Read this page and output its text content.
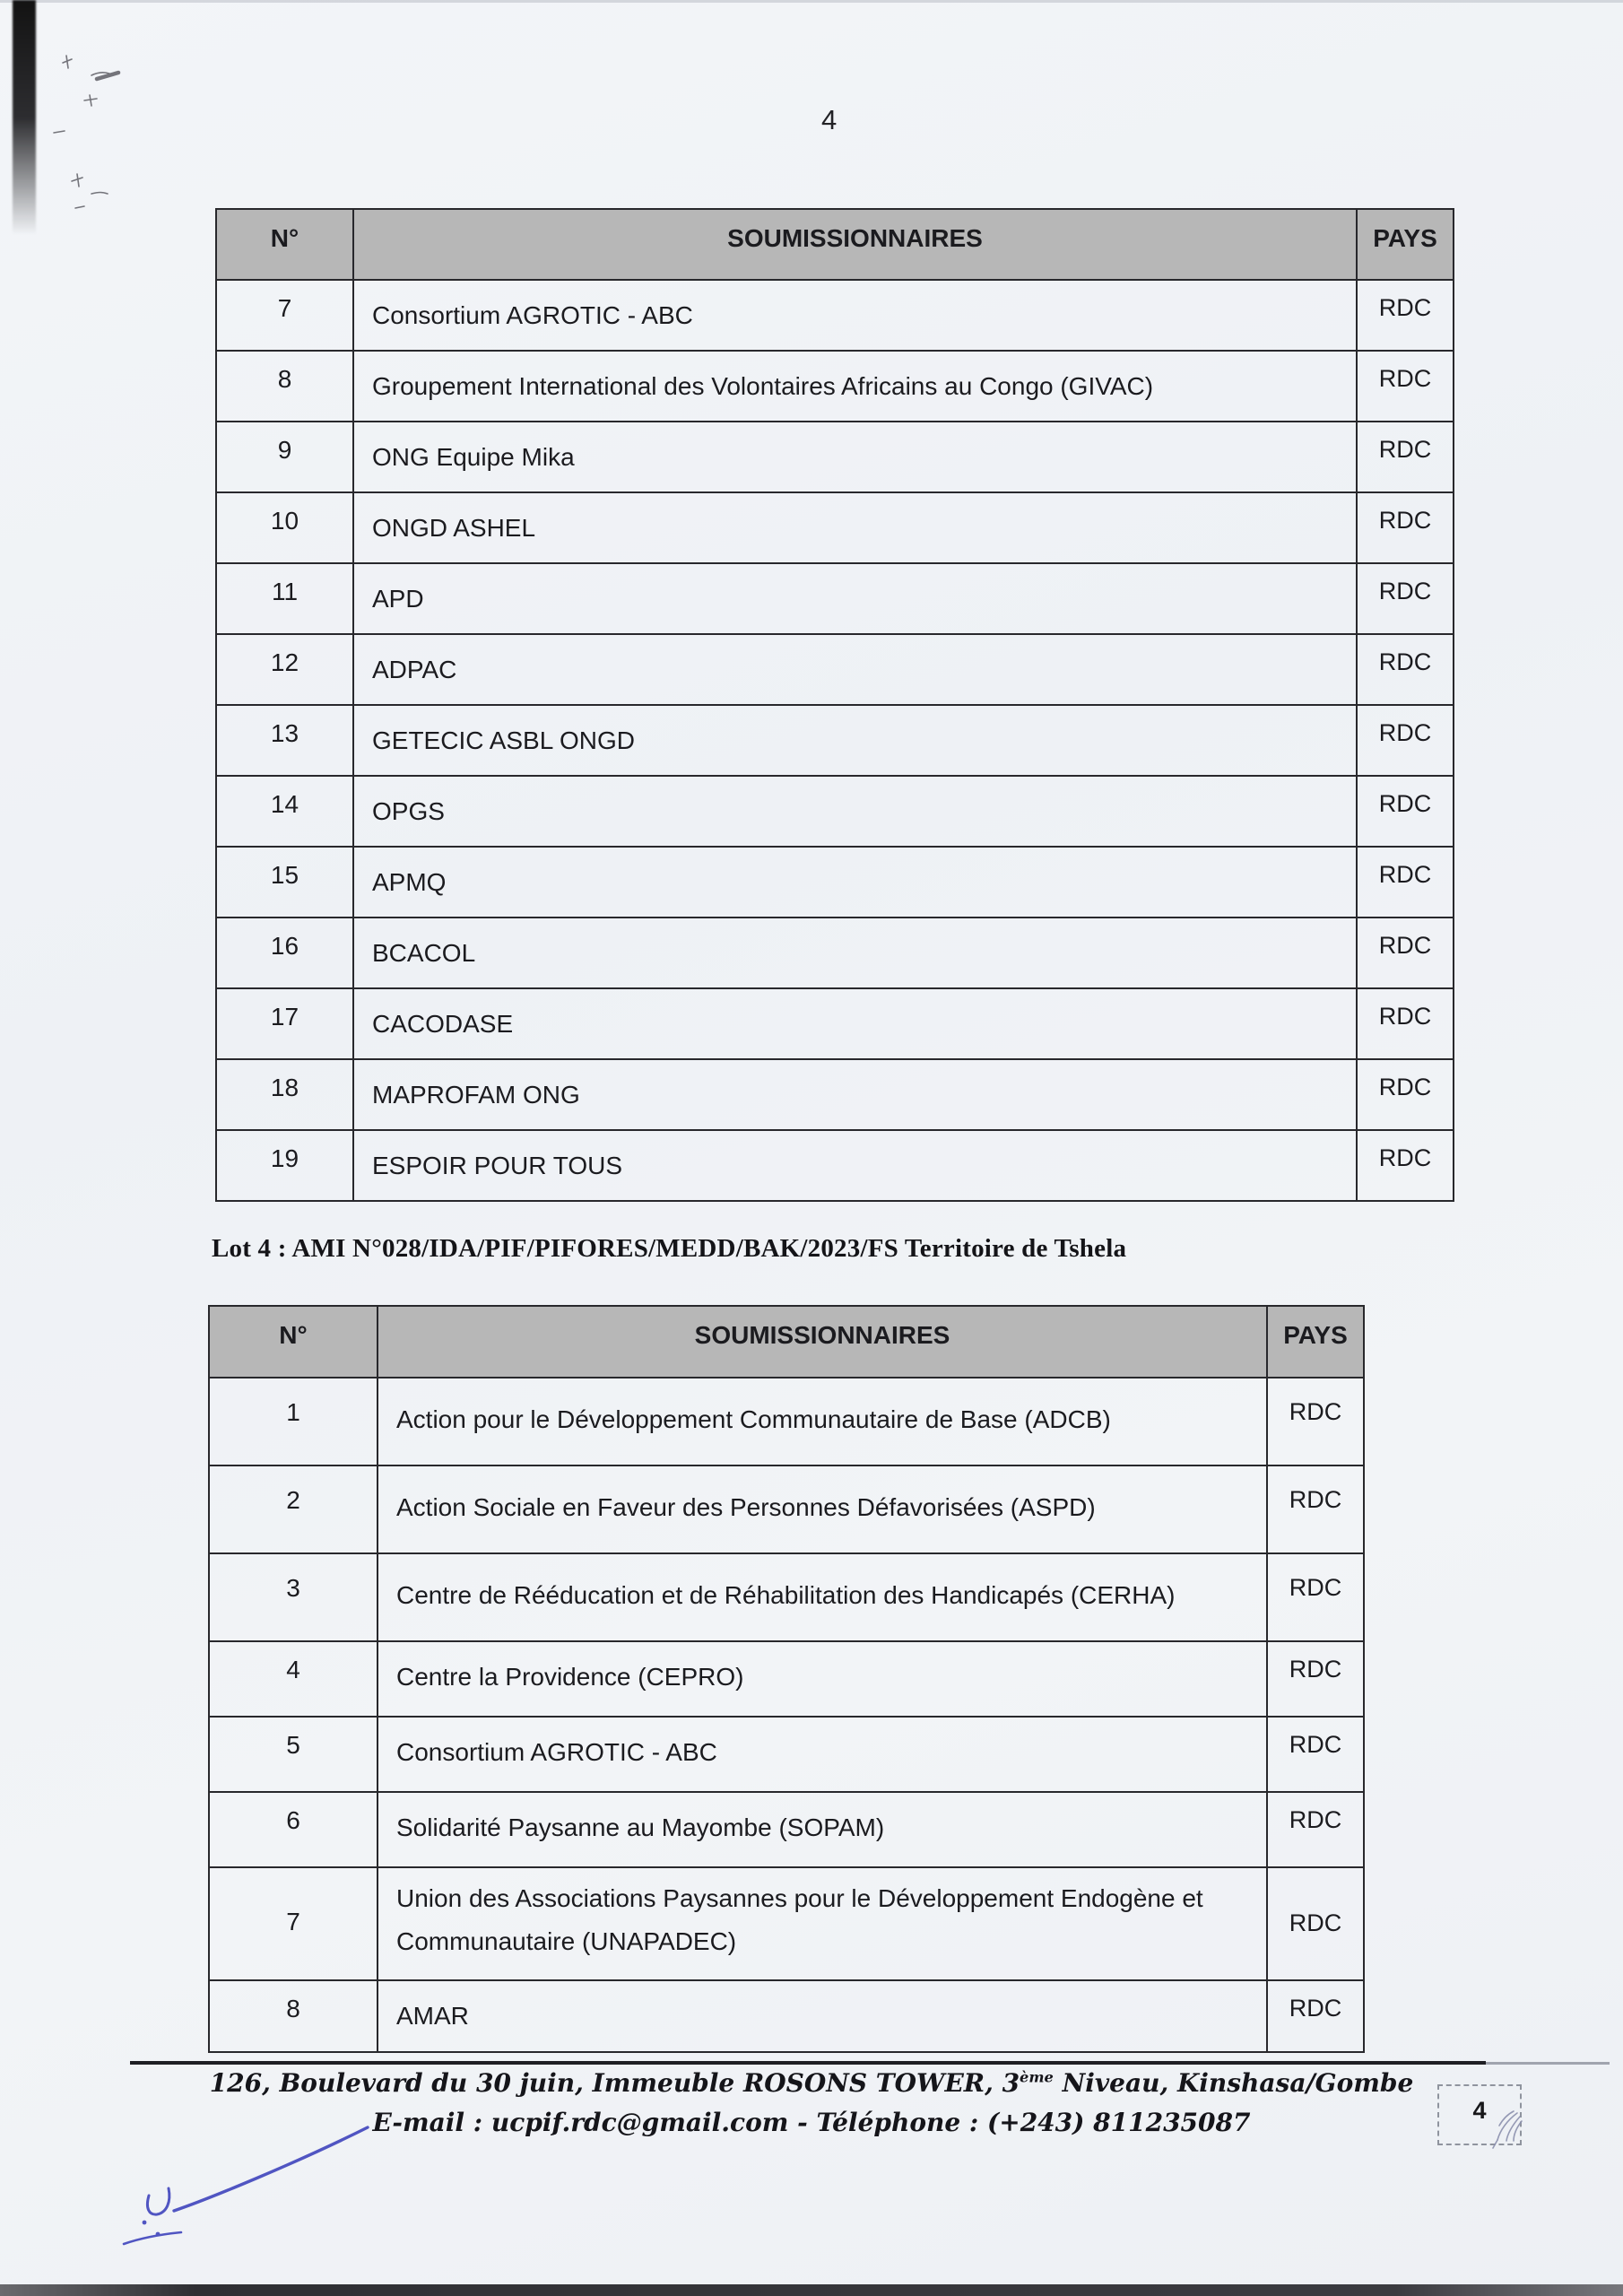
4
N°	SOUMISSIONNAIRES	PAYS
7	Consortium AGROTIC - ABC	RDC
8	Groupement International des Volontaires Africains au Congo (GIVAC)	RDC
9	ONG Equipe Mika	RDC
10	ONGD ASHEL	RDC
11	APD	RDC
12	ADPAC	RDC
13	GETECIC ASBL ONGD	RDC
14	OPGS	RDC
15	APMQ	RDC
16	BCACOL	RDC
17	CACODASE	RDC
18	MAPROFAM ONG	RDC
19	ESPOIR POUR TOUS	RDC
Lot 4 : AMI N°028/IDA/PIF/PIFORES/MEDD/BAK/2023/FS Territoire de Tshela
N°	SOUMISSIONNAIRES	PAYS
1	Action pour le Développement Communautaire de Base (ADCB)	RDC
2	Action Sociale en Faveur des Personnes Défavorisées (ASPD)	RDC
3	Centre de Rééducation et de Réhabilitation des Handicapés (CERHA)	RDC
4	Centre la Providence (CEPRO)	RDC
5	Consortium AGROTIC - ABC	RDC
6	Solidarité Paysanne au Mayombe (SOPAM)	RDC
7	Union des Associations Paysannes pour le Développement Endogène et Communautaire (UNAPADEC)	RDC
8	AMAR	RDC
126, Boulevard du 30 juin, Immeuble ROSONS TOWER, 3ème Niveau, Kinshasa/Gombe
E-mail : ucpif.rdc@gmail.com - Téléphone : (+243) 811235087	4
